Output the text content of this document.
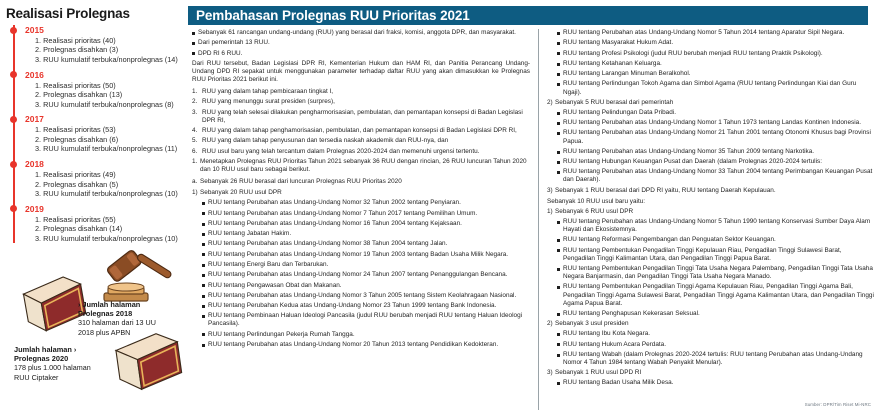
Realisasi Prolegnas
2015
1. Realisasi prioritas (40)
2. Prolegnas disahkan (3)
3. RUU kumulatif terbuka/nonprolegnas (14)
2016
1. Realisasi prioritas (50)
2. Prolegnas disahkan (13)
3. RUU kumulatif terbuka/nonprolegnas (8)
2017
1. Realisasi prioritas (53)
2. Prolegnas disahkan (6)
3. RUU kumulatif terbuka/nonprolegnas (11)
2018
1. Realisasi prioritas (49)
2. Prolegnas disahkan (5)
3. RUU kumulatif terbuka/nonprolegnas (10)
2019
1. Realisasi prioritas (55)
2. Prolegnas disahkan (14)
3. RUU kumulatif terbuka/nonprolegnas (10)
› Jumlah halaman
Prolegnas 2018
310 halaman dari 13 UU
2018 plus APBN
Jumlah halaman ›
Prolegnas 2020
178 plus 1.000 halaman
RUU Ciptaker
Pembahasan Prolegnas RUU Prioritas 2021
Sebanyak 61 rancangan undang-undang (RUU) yang berasal dari fraksi, komisi, anggota DPR, dan masyarakat.
Dari pemerintah 13 RUU.
DPD RI 6 RUU.
Dari RUU tersebut, Badan Legislasi DPR RI, Kementerian Hukum dan HAM RI, dan Panitia Perancang Undang-Undang DPD RI sepakat untuk menggunakan parameter terhadap daftar RUU yang akan dimasukkan ke Prolegnas RUU Prioritas 2021 berikut ini.
1. RUU yang dalam tahap pembicaraan tingkat I,
2. RUU yang menunggu surat presiden (surpres),
3. RUU yang telah selesai dilakukan pengharmorisasian, pembulatan, dan pemantapan konsepsi di Badan Legislasi DPR RI,
4. RUU yang dalam tahap penghamorisasian, pembulatan, dan pemantapan konsepsi di Badan Legislasi DPR RI,
5. RUU yang dalam tahap penyusunan dan tersedia naskah akademik dan RUU-nya, dan
6. RUU usul baru yang telah tercantum dalam Prolegnas 2020-2024 dan memenuhi urgensi tertentu.
1. Menetapkan Prolegnas RUU Prioritas Tahun 2021 sebanyak 36 RUU dengan rincian, 26 RUU luncuran Tahun 2020 dan 10 RUU usul baru sebagai berikut.
a. Sebanyak 26 RUU berasal dari luncuran Prolegnas RUU Prioritas 2020
1) Sebanyak 20 RUU usul DPR
RUU tentang Perubahan atas Undang-Undang Nomor 32 Tahun 2002 tentang Penyiaran.
RUU tentang Perubahan atas Undang-Undang Nomor 7 Tahun 2017 tentang Pemilihan Umum.
RUU tentang Perubahan atas Undang-Undang Nomor 16 Tahun 2004 tentang Kejaksaan.
RUU tentang Jabatan Hakim.
RUU tentang Perubahan atas Undang-Undang Nomor 38 Tahun 2004 tentang Jalan.
RUU tentang Perubahan atas Undang-Undang Nomor 19 Tahun 2003 tentang Badan Usaha Milik Negara.
RUU tentang Energi Baru dan Terbarukan.
RUU tentang Perubahan atas Undang-Undang Nomor 24 Tahun 2007 tentang Penanggulangan Bencana.
RUU tentang Pengawasan Obat dan Makanan.
RUU tentang Perubahan atas Undang-Undang Nomor 3 Tahun 2005 tentang Sistem Keolahragaan Nasional.
RUU tentang Perubahan Kedua atas Undang-Undang Nomor 23 Tahun 1999 tentang Bank Indonesia.
RUU tentang Pembinaan Haluan Ideologi Pancasila (judul RUU berubah menjadi RUU tentang Haluan Ideologi Pancasila).
RUU tentang Perlindungan Pekerja Rumah Tangga.
RUU tentang Perubahan atas Undang-Undang Nomor 20 Tahun 2013 tentang Pendidikan Kedokteran.
RUU tentang Perubahan atas Undang-Undang Nomor 5 Tahun 2014 tentang Aparatur Sipil Negara.
RUU tentang Masyarakat Hukum Adat.
RUU tentang Profesi Psikologi (judul RUU berubah menjadi RUU tentang Praktik Psikologi).
RUU tentang Ketahanan Keluarga.
RUU tentang Larangan Minuman Beralkohol.
RUU tentang Perlindungan Tokoh Agama dan Simbol Agama (RUU tentang Perlindungan Kiai dan Guru Ngaji).
2) Sebanyak 5 RUU berasal dari pemerintah
RUU tentang Pelindungan Data Pribadi.
RUU tentang Perubahan atas Undang-Undang Nomor 1 Tahun 1973 tentang Landas Kontinen Indonesia.
RUU tentang Perubahan atas Undang-Undang Nomor 21 Tahun 2001 tentang Otonomi Khusus bagi Provinsi Papua.
RUU tentang Perubahan atas Undang-Undang Nomor 35 Tahun 2009 tentang Narkotika.
RUU tentang Hubungan Keuangan Pusat dan Daerah (dalam Prolegnas 2020-2024 tertulis:
RUU tentang Perubahan atas Undang-Undang Nomor 33 Tahun 2004 tentang Perimbangan Keuangan Pusat dan Daerah).
3) Sebanyak 1 RUU berasal dari DPD RI yaitu, RUU tentang Daerah Kepulauan.
Sebanyak 10 RUU usul baru yaitu:
1) Sebanyak 6 RUU usul DPR
RUU tentang Perubahan atas Undang-Undang Nomor 5 Tahun 1990 tentang Konservasi Sumber Daya Alam Hayati dan Ekosistemnya.
RUU tentang Reformasi Pengembangan dan Penguatan Sektor Keuangan.
RUU tentang Pembentukan Pengadilan Tinggi Kepulauan Riau, Pengadilan Tinggi Sulawesi Barat, Pengadilan Tinggi Kalimantan Utara, dan Pengadilan Tinggi Papua Barat.
RUU tentang Pembentukan Pengadilan Tinggi Tata Usaha Negara Palembang, Pengadilan Tinggi Tata Usaha Negara Banjarmasin, dan Pengadilan Tinggi Tata Usaha Negara Manado.
RUU tentang Pembentukan Pengadilan Tinggi Agama Kepulauan Riau, Pengadilan Tinggi Agama Bali, Pengadilan Tinggi Agama Sulawesi Barat, Pengadilan Tinggi Agama Kalimantan Utara, dan Pengadilan Tinggi Agama Papua Barat.
RUU tentang Penghapusan Kekerasan Seksual.
2) Sebanyak 3 usul presiden
RUU tentang Ibu Kota Negara.
RUU tentang Hukum Acara Perdata.
RUU tentang Wabah (dalam Prolegnas 2020-2024 tertulis: RUU tentang Perubahan atas Undang-Undang Nomor 4 Tahun 1984 tentang Wabah Penyakit Menular).
3) Sebanyak 1 RUU usul DPD RI
RUU tentang Badan Usaha Milik Desa.
Sumber: DPR/Tim Riset Mi-NRC
